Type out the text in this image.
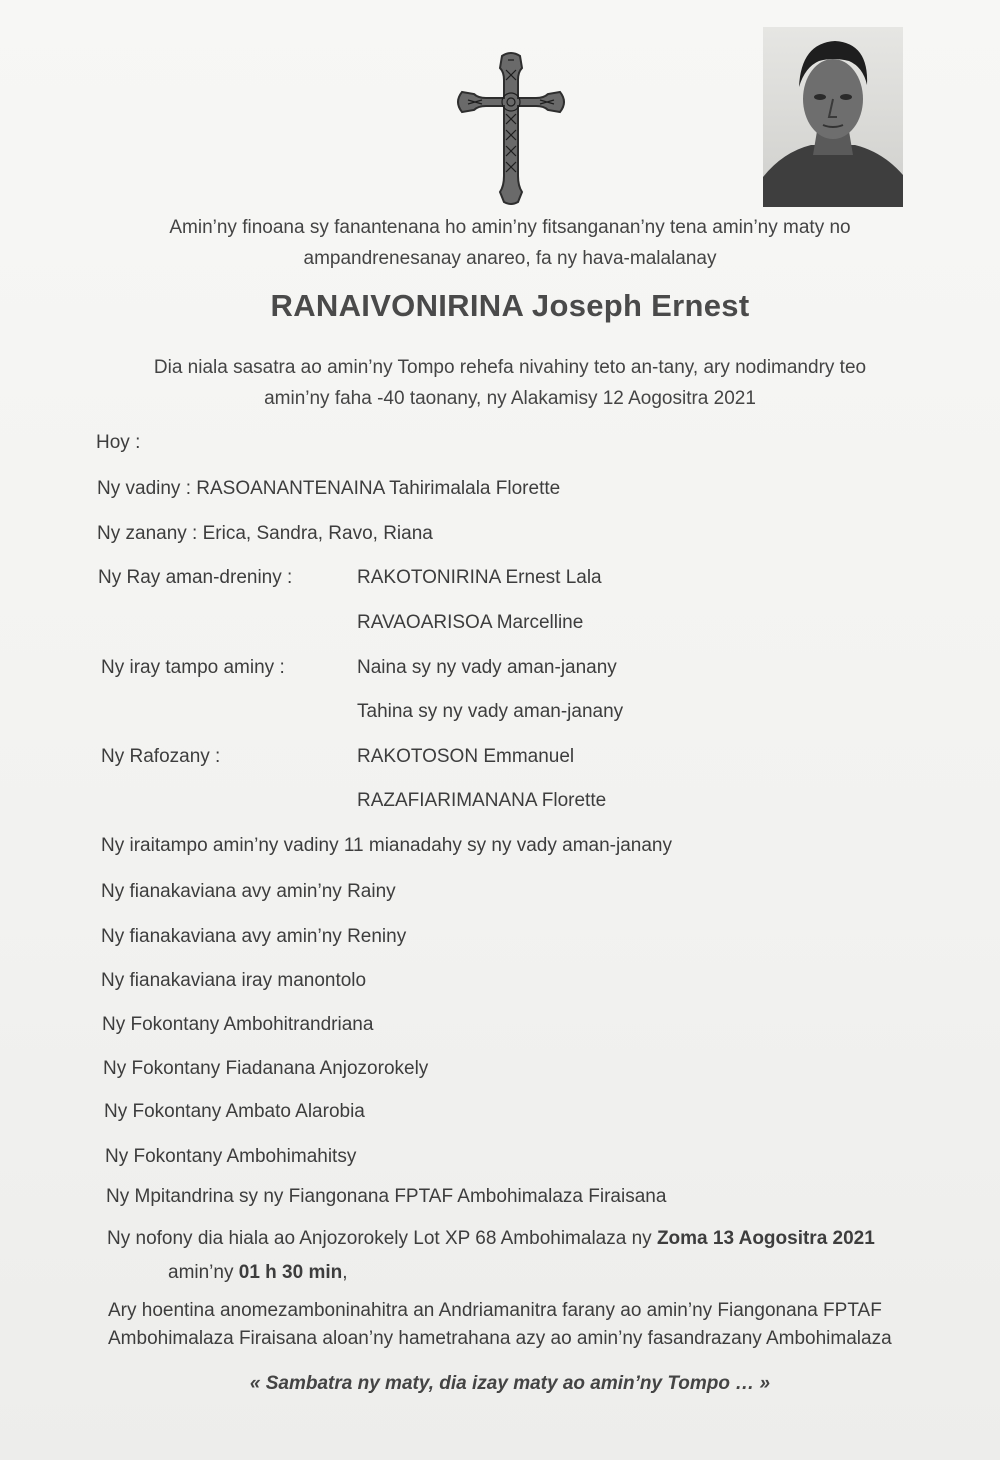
Amin’ny finoana sy fanantenana ho amin’ny fitsanganan’ny tena amin’ny maty no
ampandrenesanay anareo, fa ny hava-malalanay
RANAIVONIRINA Joseph Ernest
Dia niala sasatra ao amin’ny Tompo rehefa nivahiny teto an-tany, ary nodimandry teo
amin’ny faha -40 taonany, ny Alakamisy 12 Aogositra 2021
Hoy :
Ny vadiny : RASOANANTENAINA Tahirimalala Florette
Ny zanany : Erica, Sandra, Ravo, Riana
Ny Ray aman-dreniny :	RAKOTONIRINA Ernest Lala
RAVAOARISOA Marcelline
Ny iray tampo aminy :	Naina sy ny vady aman-janany
Tahina sy ny vady aman-janany
Ny Rafozany :	RAKOTOSON Emmanuel
RAZAFIARIMANANA Florette
Ny iraitampo amin’ny vadiny 11 mianadahy sy ny vady aman-janany
Ny fianakaviana avy amin’ny Rainy
Ny fianakaviana avy amin’ny Reniny
Ny fianakaviana iray manontolo
Ny Fokontany Ambohitrandriana
Ny Fokontany Fiadanana Anjozorokely
Ny Fokontany Ambato Alarobia
Ny Fokontany Ambohimahitsy
Ny Mpitandrina sy ny Fiangonana FPTAF Ambohimalaza Firaisana
Ny nofony dia hiala ao Anjozorokely Lot XP 68 Ambohimalaza ny Zoma 13 Aogositra 2021
amin’ny 01 h 30 min,
Ary hoentina anomezamboninahitra an Andriamanitra farany ao amin’ny Fiangonana FPTAF
Ambohimalaza Firaisana aloan’ny hametrahana azy ao amin’ny fasandrazany Ambohimalaza
« Sambatra ny maty, dia izay maty ao amin’ny Tompo … »
